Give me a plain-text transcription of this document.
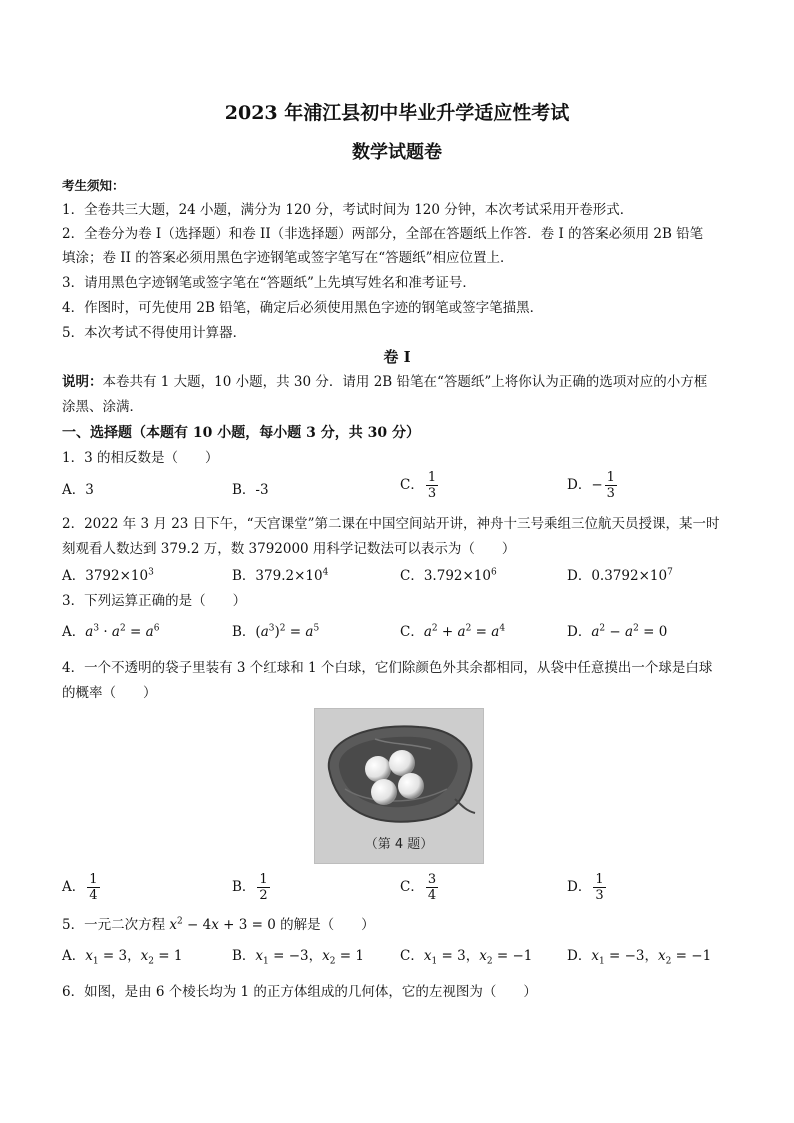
2023 年浦江县初中毕业升学适应性考试
数学试题卷
考生须知：
1．全卷共三大题，24 小题，满分为 120 分，考试时间为 120 分钟，本次考试采用开卷形式．
2．全卷分为卷 I（选择题）和卷 II（非选择题）两部分，全部在答题纸上作答．卷 I 的答案必须用 2B 铅笔
填涂；卷 II 的答案必须用黑色字迹钢笔或签字笔写在“答题纸”相应位置上．
3．请用黑色字迹钢笔或签字笔在“答题纸”上先填写姓名和准考证号．
4．作图时，可先使用 2B 铅笔，确定后必须使用黑色字迹的钢笔或签字笔描黑．
5．本次考试不得使用计算器．
卷 I
说明：本卷共有 1 大题，10 小题，共 30 分．请用 2B 铅笔在“答题纸”上将你认为正确的选项对应的小方框
涂黑、涂满．
一、选择题（本题有 10 小题，每小题 3 分，共 30 分）
1．3 的相反数是（　　）
A．3	B．-3	C． $\frac{1}{3}$	D．− $\frac{1}{3}$
2．2022 年 3 月 23 日下午，“天宫课堂”第二课在中国空间站开讲，神舟十三号乘组三位航天员授课，某一时
刻观看人数达到 379.2 万，数 3792000 用科学记数法可以表示为（　　）
A．$3792\times 10^3$	B．$379.2\times 10^4$	C．$3.792\times 10^6$	D．$0.3792\times 10^7$
3．下列运算正确的是（　　）
A．$a^3 \cdot a^2 = a^6$	B．$(a^3)^2 = a^5$	C．$a^2 + a^2 = a^4$	D．$a^2 - a^2 = 0$
4．一个不透明的袋子里装有 3 个红球和 1 个白球，它们除颜色外其余都相同，从袋中任意摸出一个球是白球
的概率（　　）
（第 4 题）
A． $\frac{1}{4}$	B． $\frac{1}{2}$	C． $\frac{3}{4}$	D． $\frac{1}{3}$
5．一元二次方程 $x^2 - 4x + 3 = 0$ 的解是（　　）
A．$x_1 = 3$，$x_2 = 1$	B．$x_1 = -3$，$x_2 = 1$	C．$x_1 = 3$，$x_2 = -1$	D．$x_1 = -3$，$x_2 = -1$
6．如图，是由 6 个棱长均为 1 的正方体组成的几何体，它的左视图为（　　）
